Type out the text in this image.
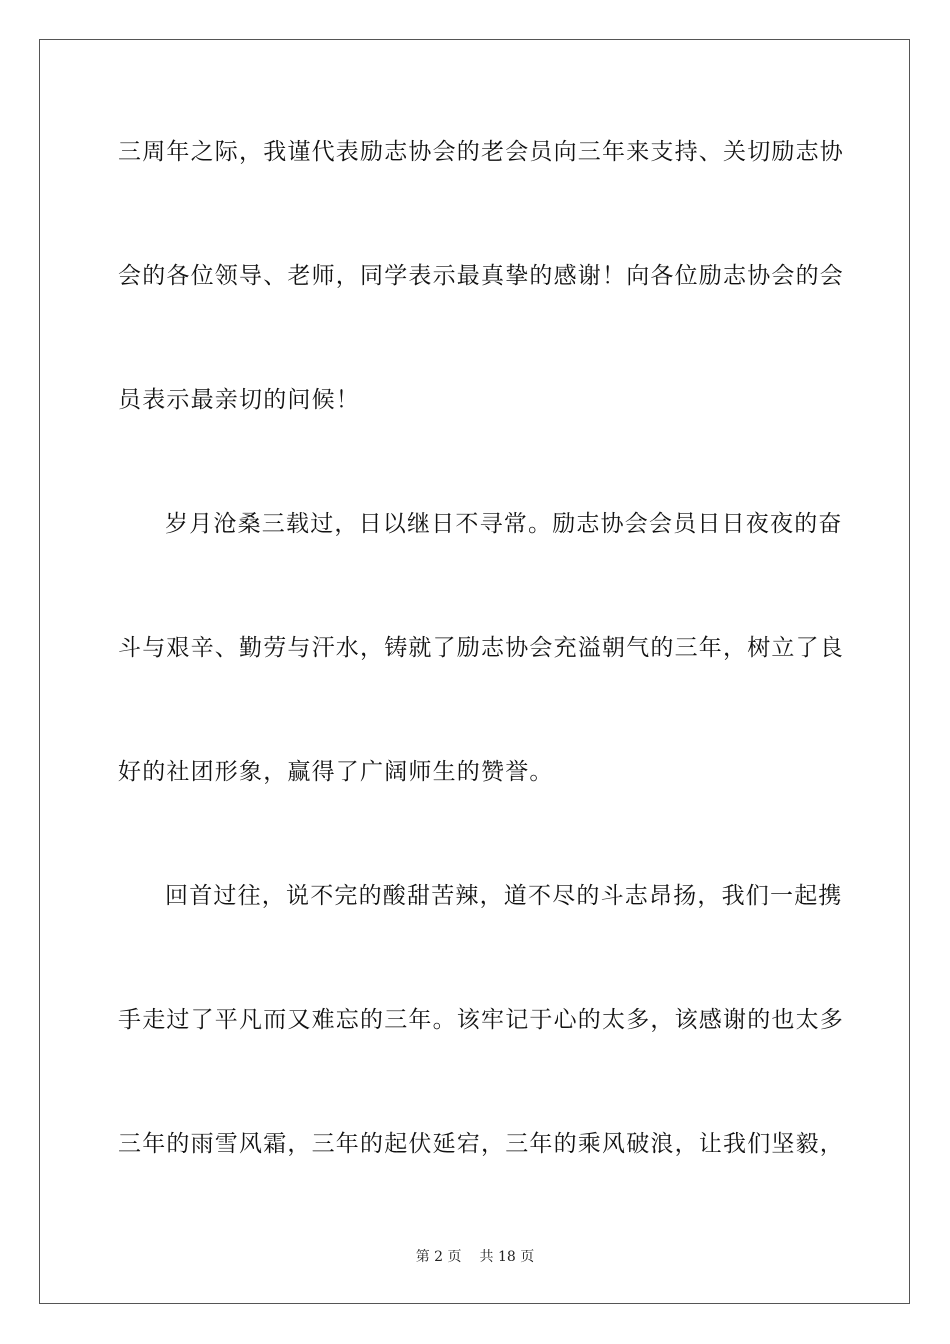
三周年之际，我谨代表励志协会的老会员向三年来支持、关切励志协
会的各位领导、老师，同学表示最真挚的感谢！向各位励志协会的会
员表示最亲切的问候！
岁月沧桑三载过，日以继日不寻常。励志协会会员日日夜夜的奋
斗与艰辛、勤劳与汗水，铸就了励志协会充溢朝气的三年，树立了良
好的社团形象，赢得了广阔师生的赞誉。
回首过往，说不完的酸甜苦辣，道不尽的斗志昂扬，我们一起携
手走过了平凡而又难忘的三年。该牢记于心的太多，该感谢的也太多
三年的雨雪风霜，三年的起伏延宕，三年的乘风破浪，让我们坚毅，
第 2 页 共 18 页
